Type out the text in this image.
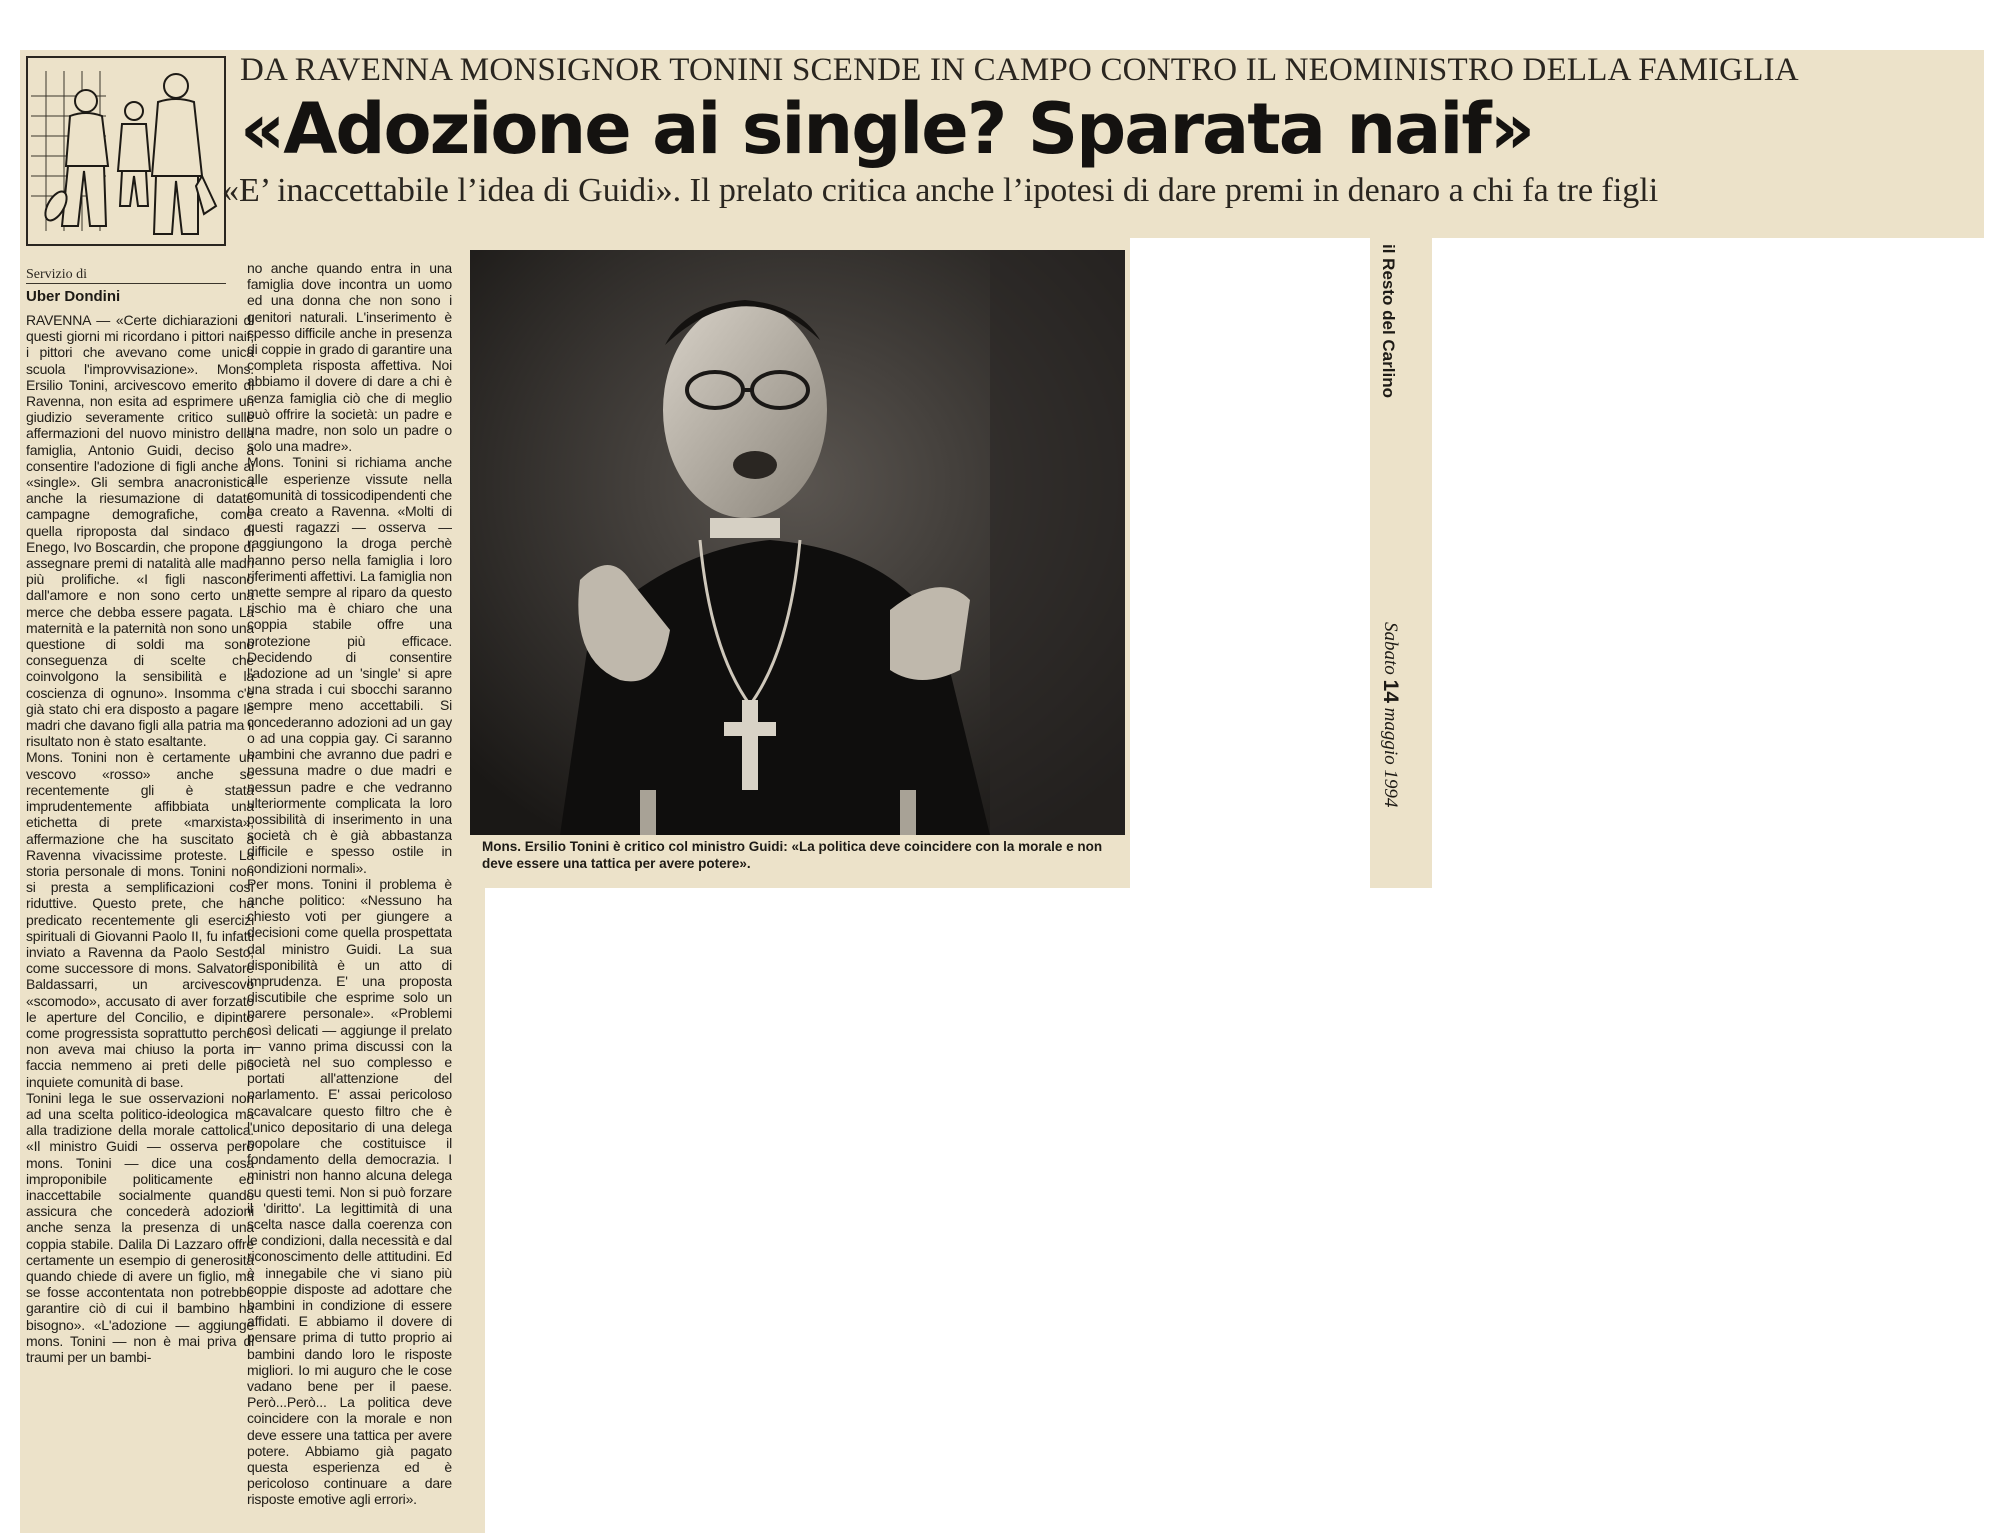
DA RAVENNA MONSIGNOR TONINI SCENDE IN CAMPO CONTRO IL NEOMINISTRO DELLA FAMIGLIA
«Adozione ai single? Sparata naif»
«E’ inaccettabile l’idea di Guidi». Il prelato critica anche l’ipotesi di dare premi in denaro a chi fa tre figli
Servizio di
Uber Dondini

RAVENNA — «Certe dichiarazioni di questi giorni mi ricordano i pittori naif, i pittori che avevano come unica scuola l'improvvisazione». Mons. Ersilio Tonini, arcivescovo emerito di Ravenna, non esita ad esprimere un giudizio severamente critico sulle affermazioni del nuovo ministro della famiglia, Antonio Guidi, deciso a consentire l'adozione di figli anche ai «single». Gli sembra anacronistica anche la riesumazione di datate campagne demografiche, come quella riproposta dal sindaco di Enego, Ivo Boscardin, che propone di assegnare premi di natalità alle madri più prolifiche. «I figli nascono dall'amore e non sono certo una merce che debba essere pagata. La maternità e la paternità non sono una questione di soldi ma sono conseguenza di scelte che coinvolgono la sensibilità e la coscienza di ognuno». Insomma c'è già stato chi era disposto a pagare le madri che davano figli alla patria ma il risultato non è stato esaltante.

Mons. Tonini non è certamente un vescovo «rosso» anche se recentemente gli è stata imprudentemente affibbiata una etichetta di prete «marxista», affermazione che ha suscitato a Ravenna vivacissime proteste. La storia personale di mons. Tonini non si presta a semplificazioni così riduttive. Questo prete, che ha predicato recentemente gli esercizi spirituali di Giovanni Paolo II, fu infatti inviato a Ravenna da Paolo Sesto, come successore di mons. Salvatore Baldassarri, un arcivescovo «scomodo», accusato di aver forzato le aperture del Concilio, e dipinto come progressista soprattutto perchè non aveva mai chiuso la porta in faccia nemmeno ai preti delle più inquiete comunità di base.

Tonini lega le sue osservazioni non ad una scelta politico-ideologica ma alla tradizione della morale cattolica. «Il ministro Guidi — osserva però mons. Tonini — dice una cosa improponibile politicamente ed inaccettabile socialmente quando assicura che concederà adozioni anche senza la presenza di una coppia stabile. Dalila Di Lazzaro offre certamente un esempio di generosità quando chiede di avere un figlio, ma se fosse accontentata non potrebbe garantire ciò di cui il bambino ha bisogno». «L'adozione — aggiunge mons. Tonini — non è mai priva di traumi per un bambi-

no anche quando entra in una famiglia dove incontra un uomo ed una donna che non sono i genitori naturali. L'inserimento è spesso difficile anche in presenza di coppie in grado di garantire una completa risposta affettiva. Noi abbiamo il dovere di dare a chi è senza famiglia ciò che di meglio può offrire la società: un padre e una madre, non solo un padre o solo una madre».

Mons. Tonini si richiama anche alle esperienze vissute nella comunità di tossicodipendenti che ha creato a Ravenna. «Molti di questi ragazzi — osserva — raggiungono la droga perchè hanno perso nella famiglia i loro riferimenti affettivi. La famiglia non mette sempre al riparo da questo rischio ma è chiaro che una coppia stabile offre una protezione più efficace. Decidendo di consentire l'adozione ad un 'single' si apre una strada i cui sbocchi saranno sempre meno accettabili. Si concederanno adozioni ad un gay o ad una coppia gay. Ci saranno bambini che avranno due padri e nessuna madre o due madri e nessun padre e che vedranno ulteriormente complicata la loro possibilità di inserimento in una società ch è già abbastanza difficile e spesso ostile in condizioni normali».

Per mons. Tonini il problema è anche politico: «Nessuno ha chiesto voti per giungere a decisioni come quella prospettata dal ministro Guidi. La sua disponibilità è un atto di imprudenza. E' una proposta discutibile che esprime solo un parere personale». «Problemi così delicati — aggiunge il prelato — vanno prima discussi con la società nel suo complesso e portati all'attenzione del parlamento. E' assai pericoloso scavalcare questo filtro che è l'unico depositario di una delega popolare che costituisce il fondamento della democrazia. I ministri non hanno alcuna delega su questi temi. Non si può forzare il 'diritto'. La legittimità di una scelta nasce dalla coerenza con le condizioni, dalla necessità e dal riconoscimento delle attitudini. Ed è innegabile che vi siano più coppie disposte ad adottare che bambini in condizione di essere affidati. E abbiamo il dovere di pensare prima di tutto proprio ai bambini dando loro le risposte migliori. Io mi auguro che le cose vadano bene per il paese. Però...Però... La politica deve coincidere con la morale e non deve essere una tattica per avere potere. Abbiamo già pagato questa esperienza ed è pericoloso continuare a dare risposte emotive agli errori».

Mons. Ersilio Tonini è critico col ministro Guidi: «La politica deve coincidere con la morale e non deve essere una tattica per avere potere».
il Resto del Carlino
Sabato 14 maggio 1994
